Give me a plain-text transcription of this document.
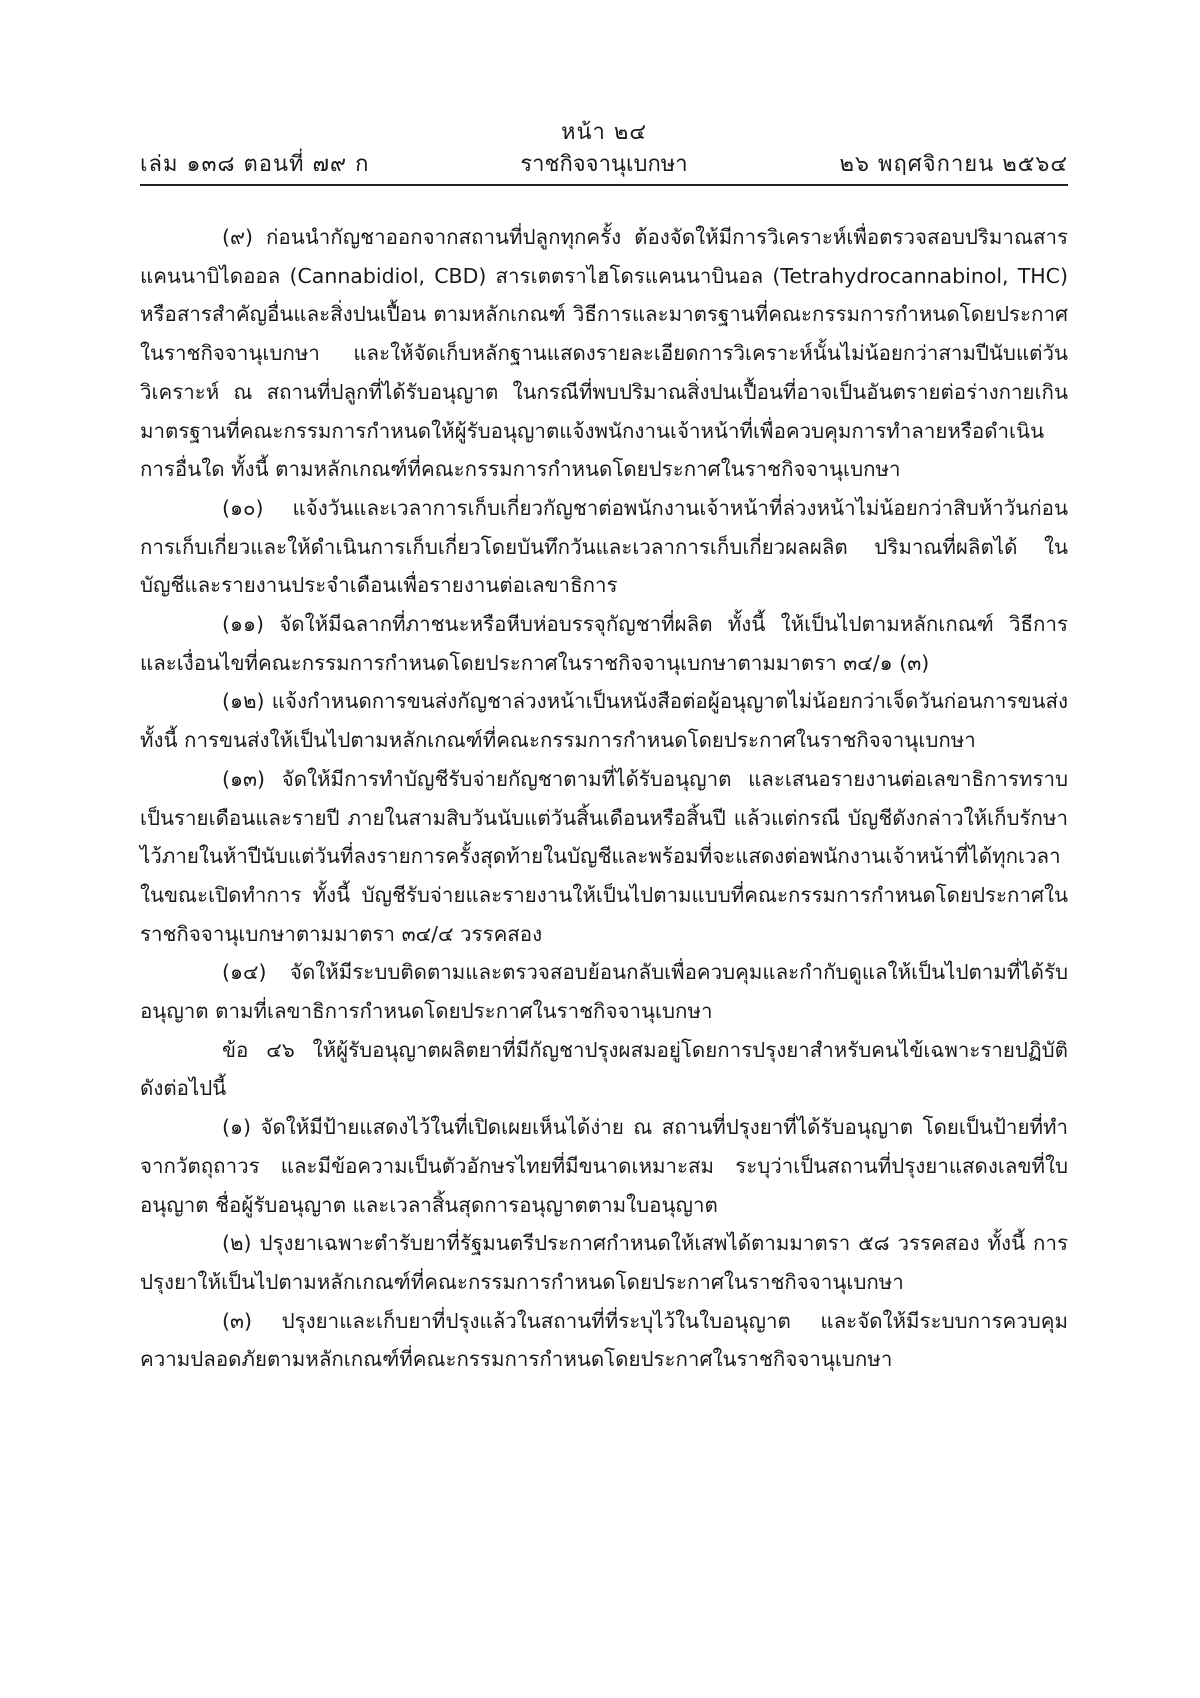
หน้า ๒๔
เล่ม ๑๓๘ ตอนที่ ๗๙ ก	ราชกิจจานุเบกษา	๒๖ พฤศจิกายน ๒๕๖๔

(๙) ก่อนนำกัญชาออกจากสถานที่ปลูกทุกครั้ง ต้องจัดให้มีการวิเคราะห์เพื่อตรวจสอบปริมาณสารแคนนาบิไดออล (Cannabidiol, CBD) สารเตตราไฮโดรแคนนาบินอล (Tetrahydrocannabinol, THC) หรือสารสำคัญอื่นและสิ่งปนเปื้อน ตามหลักเกณฑ์ วิธีการและมาตรฐานที่คณะกรรมการกำหนดโดยประกาศในราชกิจจานุเบกษา และให้จัดเก็บหลักฐานแสดงรายละเอียดการวิเคราะห์นั้นไม่น้อยกว่าสามปีนับแต่วันวิเคราะห์ ณ สถานที่ปลูกที่ได้รับอนุญาต ในกรณีที่พบปริมาณสิ่งปนเปื้อนที่อาจเป็นอันตรายต่อร่างกายเกินมาตรฐานที่คณะกรรมการกำหนดให้ผู้รับอนุญาตแจ้งพนักงานเจ้าหน้าที่เพื่อควบคุมการทำลายหรือดำเนินการอื่นใด ทั้งนี้ ตามหลักเกณฑ์ที่คณะกรรมการกำหนดโดยประกาศในราชกิจจานุเบกษา

(๑๐) แจ้งวันและเวลาการเก็บเกี่ยวกัญชาต่อพนักงานเจ้าหน้าที่ล่วงหน้าไม่น้อยกว่าสิบห้าวันก่อนการเก็บเกี่ยวและให้ดำเนินการเก็บเกี่ยวโดยบันทึกวันและเวลาการเก็บเกี่ยวผลผลิต ปริมาณที่ผลิตได้ ในบัญชีและรายงานประจำเดือนเพื่อรายงานต่อเลขาธิการ

(๑๑) จัดให้มีฉลากที่ภาชนะหรือหีบห่อบรรจุกัญชาที่ผลิต ทั้งนี้ ให้เป็นไปตามหลักเกณฑ์ วิธีการ และเงื่อนไขที่คณะกรรมการกำหนดโดยประกาศในราชกิจจานุเบกษาตามมาตรา ๓๔/๑ (๓)

(๑๒) แจ้งกำหนดการขนส่งกัญชาล่วงหน้าเป็นหนังสือต่อผู้อนุญาตไม่น้อยกว่าเจ็ดวันก่อนการขนส่ง ทั้งนี้ การขนส่งให้เป็นไปตามหลักเกณฑ์ที่คณะกรรมการกำหนดโดยประกาศในราชกิจจานุเบกษา

(๑๓) จัดให้มีการทำบัญชีรับจ่ายกัญชาตามที่ได้รับอนุญาต และเสนอรายงานต่อเลขาธิการทราบเป็นรายเดือนและรายปี ภายในสามสิบวันนับแต่วันสิ้นเดือนหรือสิ้นปี แล้วแต่กรณี บัญชีดังกล่าวให้เก็บรักษาไว้ภายในห้าปีนับแต่วันที่ลงรายการครั้งสุดท้ายในบัญชีและพร้อมที่จะแสดงต่อพนักงานเจ้าหน้าที่ได้ทุกเวลาในขณะเปิดทำการ ทั้งนี้ บัญชีรับจ่ายและรายงานให้เป็นไปตามแบบที่คณะกรรมการกำหนดโดยประกาศในราชกิจจานุเบกษาตามมาตรา ๓๔/๔ วรรคสอง

(๑๔) จัดให้มีระบบติดตามและตรวจสอบย้อนกลับเพื่อควบคุมและกำกับดูแลให้เป็นไปตามที่ได้รับอนุญาต ตามที่เลขาธิการกำหนดโดยประกาศในราชกิจจานุเบกษา

ข้อ ๔๖ ให้ผู้รับอนุญาตผลิตยาที่มีกัญชาปรุงผสมอยู่โดยการปรุงยาสำหรับคนไข้เฉพาะรายปฏิบัติ ดังต่อไปนี้

(๑) จัดให้มีป้ายแสดงไว้ในที่เปิดเผยเห็นได้ง่าย ณ สถานที่ปรุงยาที่ได้รับอนุญาต โดยเป็นป้ายที่ทำจากวัตถุถาวร และมีข้อความเป็นตัวอักษรไทยที่มีขนาดเหมาะสม ระบุว่าเป็นสถานที่ปรุงยาแสดงเลขที่ใบอนุญาต ชื่อผู้รับอนุญาต และเวลาสิ้นสุดการอนุญาตตามใบอนุญาต

(๒) ปรุงยาเฉพาะตำรับยาที่รัฐมนตรีประกาศกำหนดให้เสพได้ตามมาตรา ๕๘ วรรคสอง ทั้งนี้ การปรุงยาให้เป็นไปตามหลักเกณฑ์ที่คณะกรรมการกำหนดโดยประกาศในราชกิจจานุเบกษา

(๓) ปรุงยาและเก็บยาที่ปรุงแล้วในสถานที่ที่ระบุไว้ในใบอนุญาต และจัดให้มีระบบการควบคุมความปลอดภัยตามหลักเกณฑ์ที่คณะกรรมการกำหนดโดยประกาศในราชกิจจานุเบกษา
